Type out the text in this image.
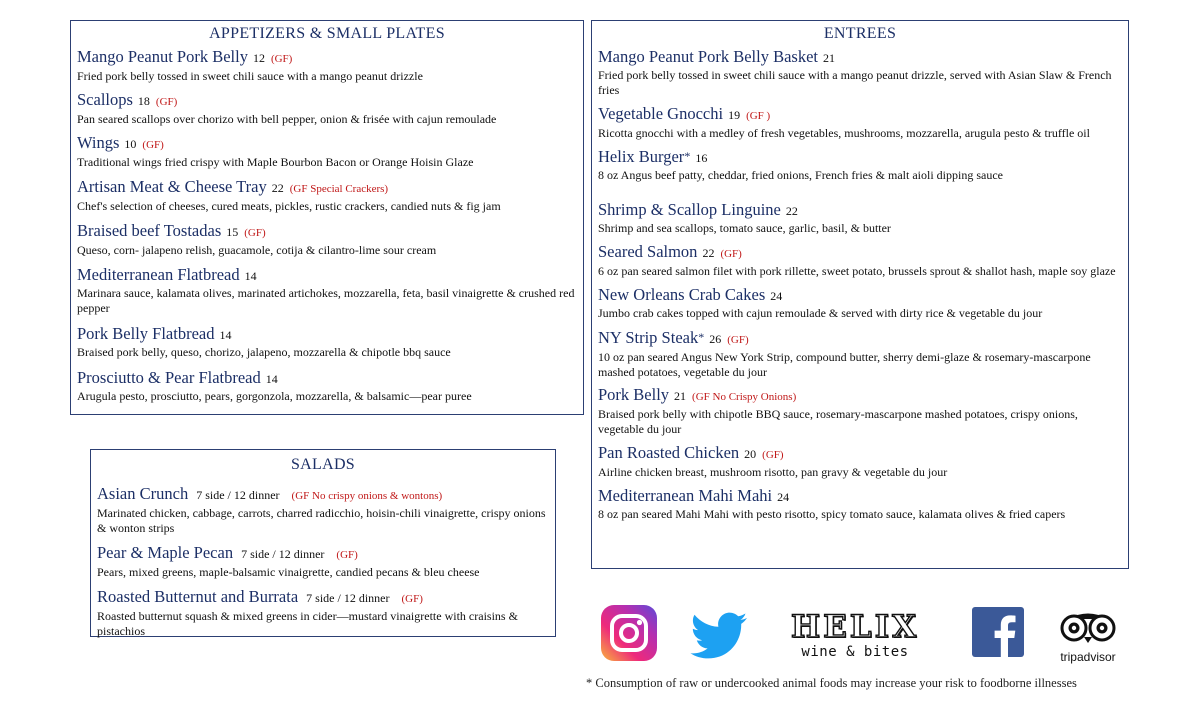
APPETIZERS & SMALL PLATES
Mango Peanut Pork Belly 12 (GF)
Fried pork belly tossed in sweet chili sauce with a mango peanut drizzle
Scallops 18 (GF)
Pan seared scallops over chorizo with bell pepper, onion & frisée with cajun remoulade
Wings 10 (GF)
Traditional wings fried crispy with Maple Bourbon Bacon or Orange Hoisin Glaze
Artisan Meat & Cheese Tray 22 (GF Special Crackers)
Chef's selection of cheeses, cured meats, pickles, rustic crackers, candied nuts & fig jam
Braised beef Tostadas 15 (GF)
Queso, corn- jalapeno relish, guacamole, cotija & cilantro-lime sour cream
Mediterranean Flatbread 14
Marinara sauce, kalamata olives, marinated artichokes, mozzarella, feta, basil vinaigrette & crushed red pepper
Pork Belly Flatbread 14
Braised pork belly, queso, chorizo, jalapeno, mozzarella & chipotle bbq sauce
Prosciutto & Pear Flatbread 14
Arugula pesto, prosciutto, pears, gorgonzola, mozzarella, & balsamic—pear puree
SALADS
Asian Crunch 7 side / 12 dinner (GF No crispy onions & wontons)
Marinated chicken, cabbage, carrots, charred radicchio, hoisin-chili vinaigrette, crispy onions & wonton strips
Pear & Maple Pecan 7 side / 12 dinner (GF)
Pears, mixed greens, maple-balsamic vinaigrette, candied pecans & bleu cheese
Roasted Butternut and Burrata 7 side / 12 dinner (GF)
Roasted butternut squash & mixed greens in cider—mustard vinaigrette with craisins & pistachios
ENTREES
Mango Peanut Pork Belly Basket 21
Fried pork belly tossed in sweet chili sauce with a mango peanut drizzle, served with Asian Slaw & French fries
Vegetable Gnocchi 19 (GF )
Ricotta gnocchi with a medley of fresh vegetables, mushrooms, mozzarella, arugula pesto & truffle oil
Helix Burger* 16
8 oz Angus beef patty, cheddar, fried onions, French fries & malt aioli dipping sauce
Shrimp & Scallop Linguine 22
Shrimp and sea scallops, tomato sauce, garlic, basil, & butter
Seared Salmon 22 (GF)
6 oz pan seared salmon filet with pork rillette, sweet potato, brussels sprout & shallot hash, maple soy glaze
New Orleans Crab Cakes 24
Jumbo crab cakes topped with cajun remoulade & served with dirty rice & vegetable du jour
NY Strip Steak* 26 (GF)
10 oz pan seared Angus New York Strip, compound butter, sherry demi-glaze & rosemary-mascarpone mashed potatoes, vegetable du jour
Pork Belly 21 (GF No Crispy Onions)
Braised pork belly with chipotle BBQ sauce, rosemary-mascarpone mashed potatoes, crispy onions, vegetable du jour
Pan Roasted Chicken 20 (GF)
Airline chicken breast, mushroom risotto, pan gravy & vegetable du jour
Mediterranean Mahi Mahi 24
8 oz pan seared Mahi Mahi with pesto risotto, spicy tomato sauce, kalamata olives & fried capers
HELIX
wine & bites	tripadvisor
* Consumption of raw or undercooked animal foods may increase your risk to foodborne illnesses
